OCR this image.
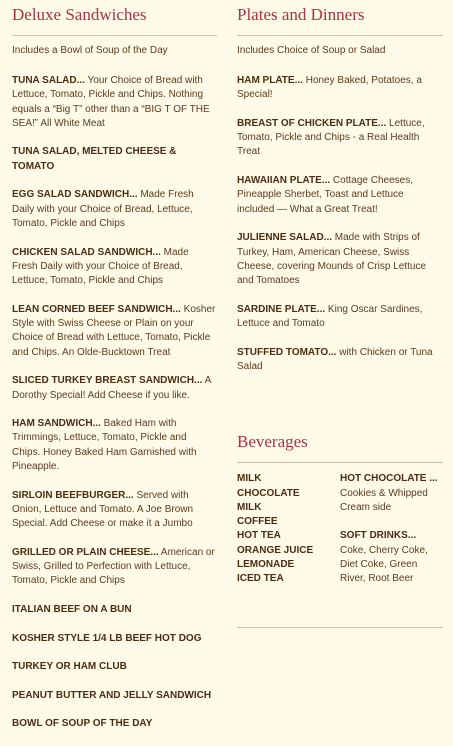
Deluxe Sandwiches
Includes a Bowl of Soup of the Day
TUNA SALAD... Your Choice of Bread with Lettuce, Tomato, Pickle and Chips. Nothing equals a “Big T” other than a “BIG T OF THE SEA!” All White Meat
TUNA SALAD, MELTED CHEESE & TOMATO
EGG SALAD SANDWICH... Made Fresh Daily with your Choice of Bread, Lettuce, Tomato, Pickle and Chips
CHICKEN SALAD SANDWICH... Made Fresh Daily with your Choice of Bread, Lettuce, Tomato, Pickle and Chips
LEAN CORNED BEEF SANDWICH... Kosher Style with Swiss Cheese or Plain on your Choice of Bread with Lettuce, Tomato, Pickle and Chips. An Olde-Bucktown Treat
SLICED TURKEY BREAST SANDWICH... A Dorothy Special! Add Cheese if you like.
HAM SANDWICH... Baked Ham with Trimmings, Lettuce, Tomato, Pickle and Chips. Honey Baked Ham Garnished with Pineapple.
SIRLOIN BEEFBURGER... Served with Onion, Lettuce and Tomato. A Joe Brown Special. Add Cheese or make it a Jumbo
GRILLED OR PLAIN CHEESE... American or Swiss, Grilled to Perfection with Lettuce, Tomato, Pickle and Chips
ITALIAN BEEF ON A BUN
KOSHER STYLE 1/4 LB BEEF HOT DOG
TURKEY OR HAM CLUB
PEANUT BUTTER AND JELLY SANDWICH
BOWL OF SOUP OF THE DAY
Plates and Dinners
Includes Choice of Soup or Salad
HAM PLATE... Honey Baked, Potatoes, a Special!
BREAST OF CHICKEN PLATE... Lettuce, Tomato, Pickle and Chips - a Real Health Treat
HAWAIIAN PLATE... Cottage Cheeses, Pineapple Sherbet, Toast and Lettuce included — What a Great Treat!
JULIENNE SALAD... Made with Strips of Turkey, Ham, American Cheese, Swiss Cheese, covering Mounds of Crisp Lettuce and Tomatoes
SARDINE PLATE... King Oscar Sardines, Lettuce and Tomato
STUFFED TOMATO... with Chicken or Tuna Salad
Beverages
MILK
CHOCOLATE MILK
COFFEE
HOT TEA
ORANGE JUICE
LEMONADE
ICED TEA
HOT CHOCOLATE ...
Cookies & Whipped Cream side
SOFT DRINKS...
Coke, Cherry Coke, Diet Coke, Green River, Root Beer
